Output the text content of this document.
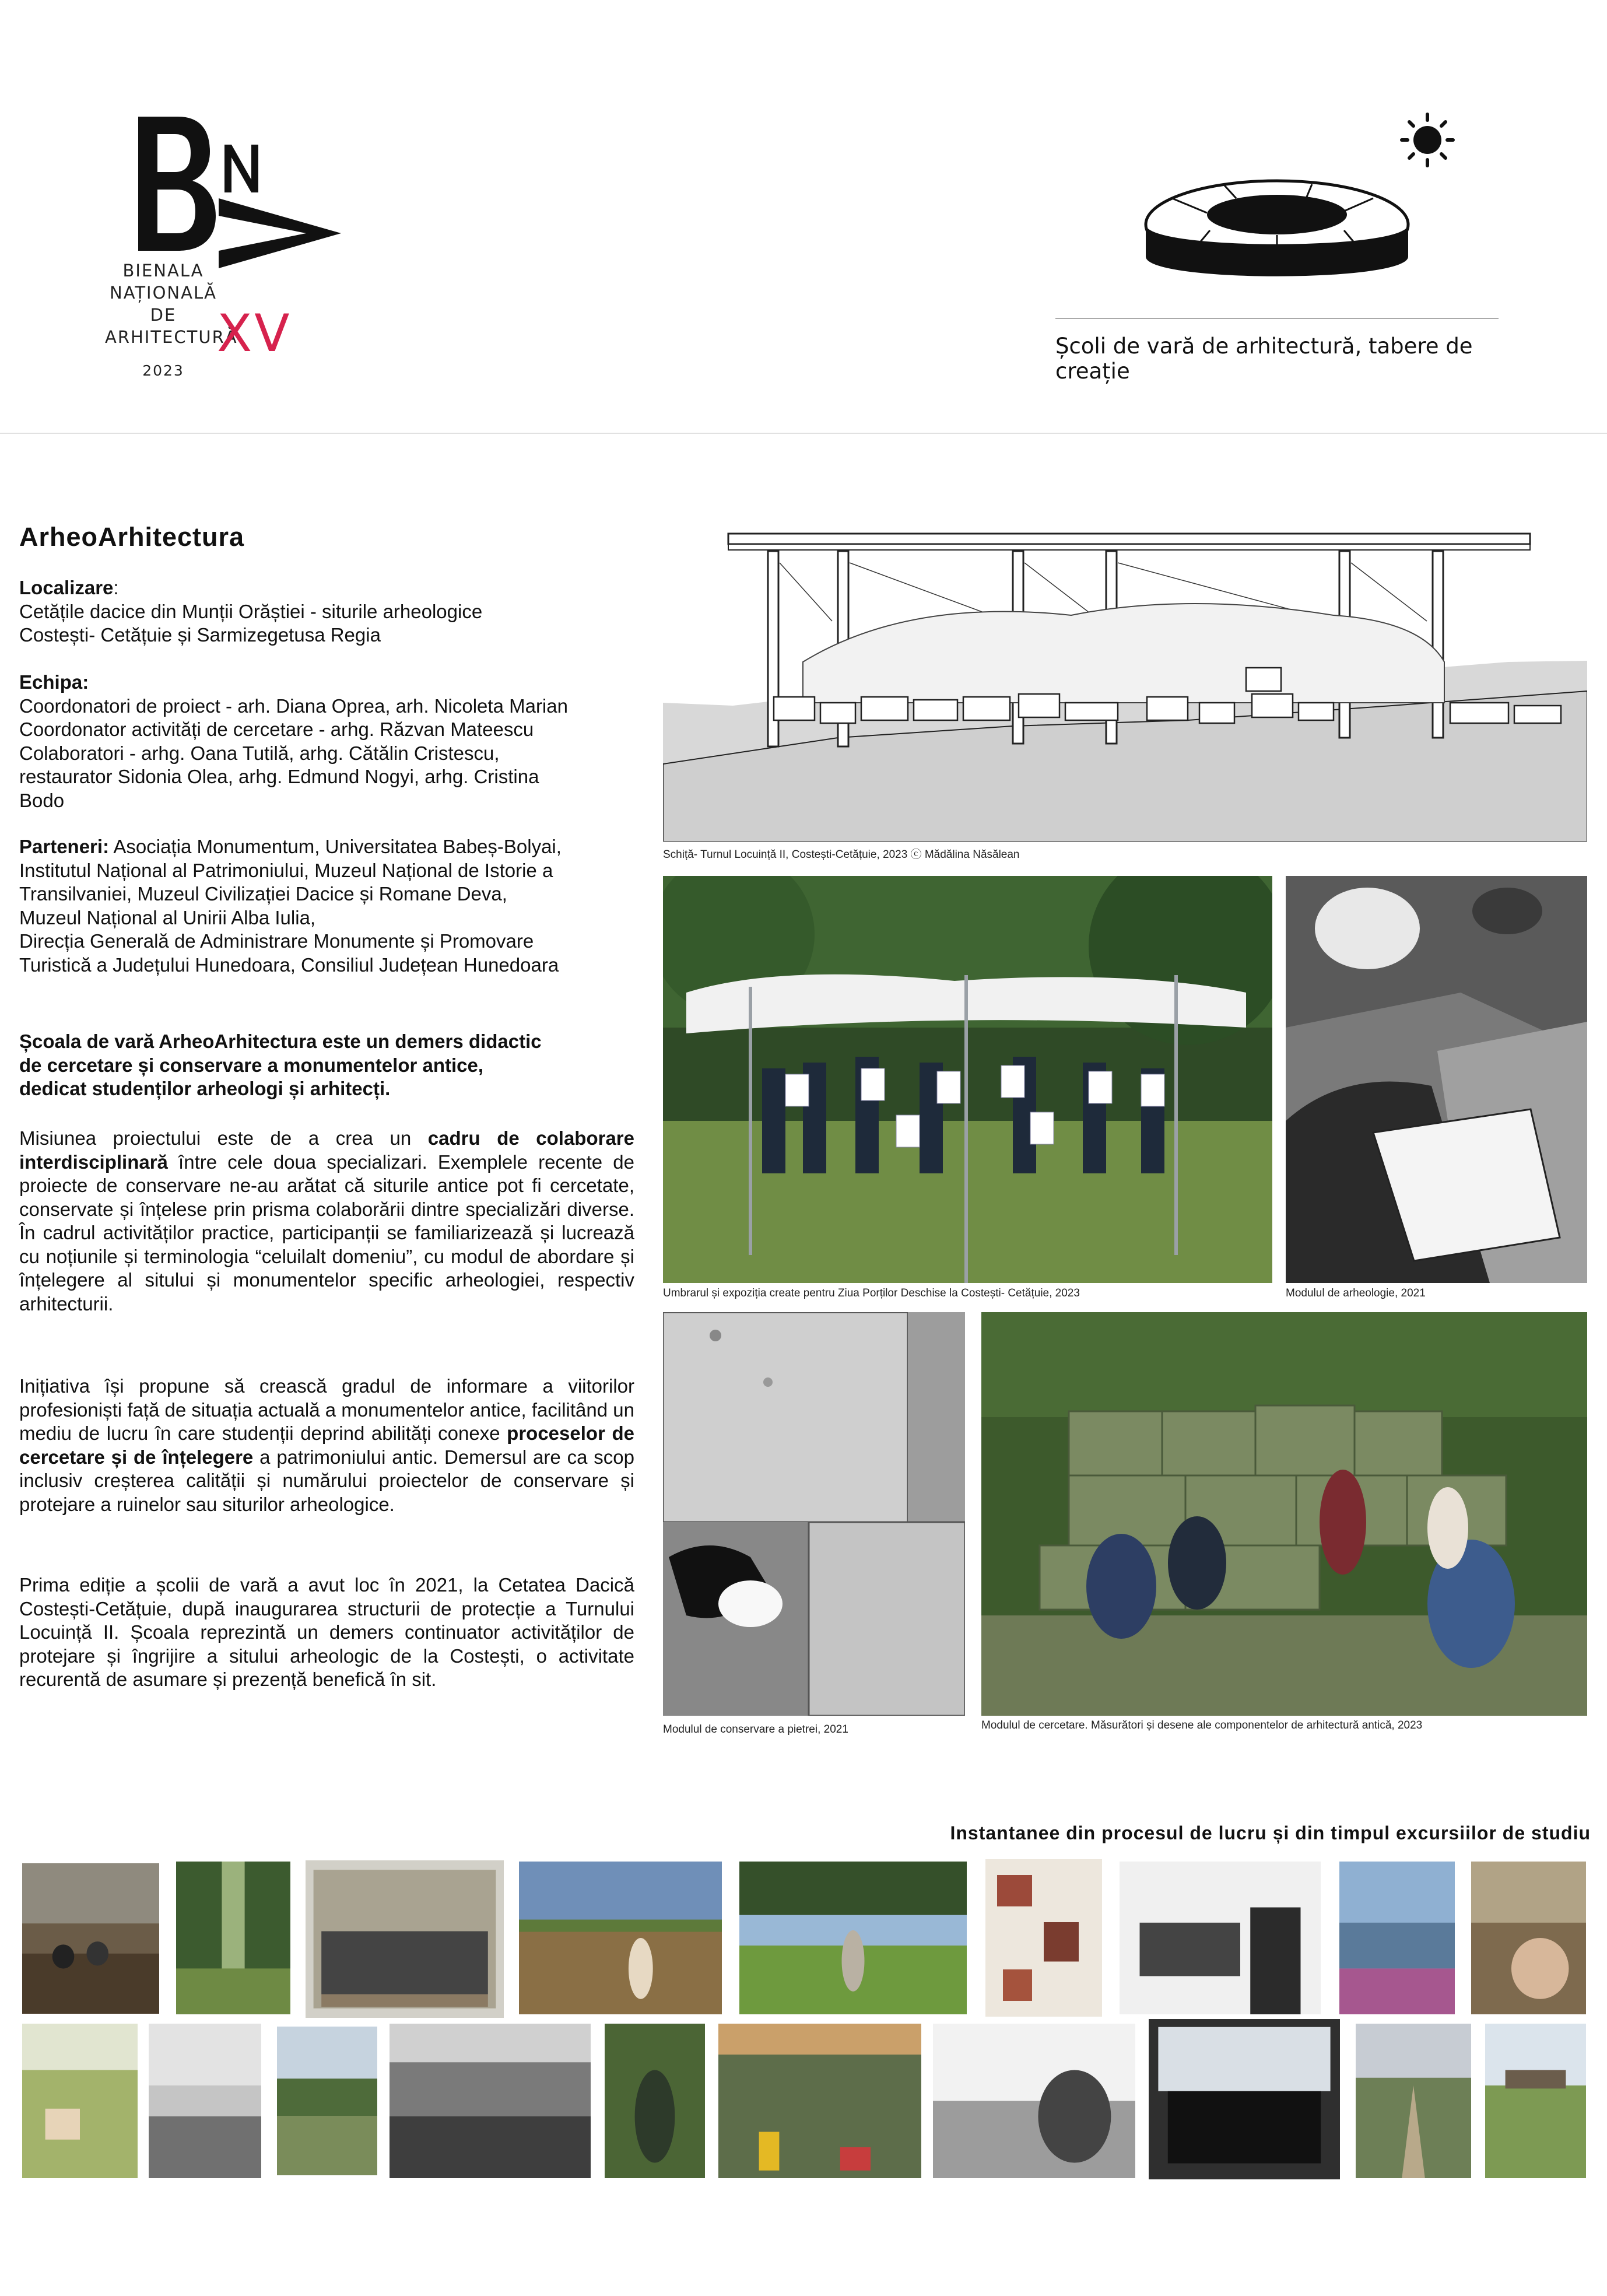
BIENALA
NAȚIONALĂ
DE
ARHITECTURĂ
2023
XV	Școli de vară de arhitectură, tabere de creație
ArheoArhitectura
Localizare:
Cetățile dacice din Munții Orăștiei - siturile arheologice
Costești- Cetățuie și Sarmizegetusa Regia
Echipa:
Coordonatori de proiect - arh. Diana Oprea, arh. Nicoleta Marian
Coordonator activități de cercetare - arhg. Răzvan Mateescu
Colaboratori - arhg. Oana Tutilă, arhg. Cătălin Cristescu,
restaurator Sidonia Olea, arhg. Edmund Nogyi, arhg. Cristina
Bodo
Parteneri: Asociația Monumentum, Universitatea Babeș-Bolyai,
Institutul Național al Patrimoniului, Muzeul Național de Istorie a
Transilvaniei, Muzeul Civilizației Dacice și Romane Deva,
Muzeul Național al Unirii Alba Iulia,
Direcția Generală de Administrare Monumente și Promovare
Turistică a Județului Hunedoara, Consiliul Județean Hunedoara
Școala de vară ArheoArhitectura este un demers didactic
de cercetare și conservare a monumentelor antice,
dedicat studenților arheologi și arhitecți.
Misiunea proiectului este de a crea un cadru de colaborare interdisciplinară între cele doua specializari. Exemplele recente de proiecte de conservare ne-au arătat că siturile antice pot fi cercetate, conservate și înțelese prin prisma colaborării dintre specializări diverse. În cadrul activităților practice, participanții se familiarizează și lucrează cu noțiunile și terminologia “celuilalt domeniu”, cu modul de abordare și înțelegere al sitului și monumentelor specific arheologiei, respectiv arhitecturii.
Inițiativa își propune să crească gradul de informare a viitorilor profesioniști față de situația actuală a monumentelor antice, facilitând un mediu de lucru în care studenții deprind abilități conexe proceselor de cercetare și de înțelegere a patrimoniului antic. Demersul are ca scop inclusiv creșterea calității și numărului proiectelor de conservare și protejare a ruinelor sau siturilor arheologice.
Prima ediție a școlii de vară a avut loc în 2021, la Cetatea Dacică Costești-Cetățuie, după inaugurarea structurii de protecție a Turnului Locuință II. Școala reprezintă un demers continuator activităților de protejare și îngrijire a sitului arheologic de la Costești, o activitate recurentă de asumare și prezență benefică în sit.
Schiță- Turnul Locuință II, Costești-Cetățuie, 2023 ⓒ Mădălina Năsălean
Umbrarul și expoziția create pentru Ziua Porților Deschise la Costești- Cetățuie, 2023	Modulul de arheologie, 2021
Modulul de conservare a pietrei, 2021	Modulul de cercetare. Măsurători și desene ale componentelor de arhitectură antică, 2023
Instantanee din procesul de lucru și din timpul excursiilor de studiu
